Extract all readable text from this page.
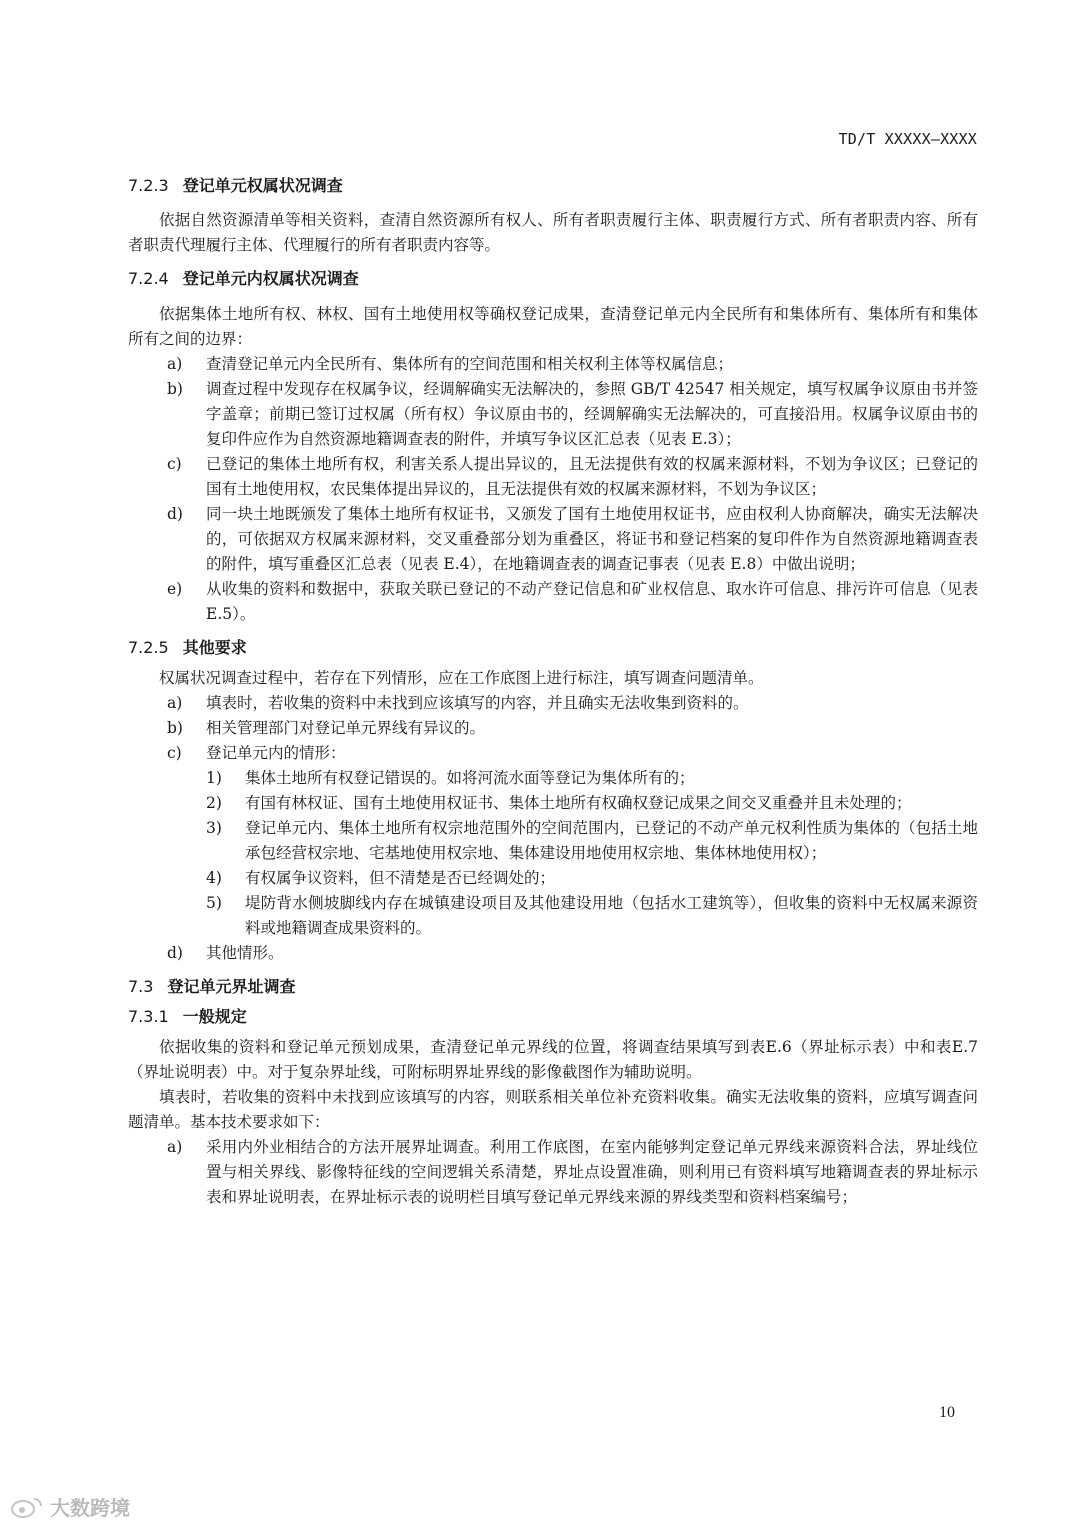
TD/T XXXXX—XXXX
7.2.3 登记单元权属状况调查

依据自然资源清单等相关资料，查清自然资源所有权人、所有者职责履行主体、职责履行方式、所有者职责内容、所有者职责代理履行主体、代理履行的所有者职责内容等。

7.2.4 登记单元内权属状况调查

依据集体土地所有权、林权、国有土地使用权等确权登记成果，查清登记单元内全民所有和集体所有、集体所有和集体所有之间的边界：

a)	查清登记单元内全民所有、集体所有的空间范围和相关权利主体等权属信息；
b)	调查过程中发现存在权属争议，经调解确实无法解决的，参照 GB/T 42547 相关规定，填写权属争议原由书并签字盖章；前期已签订过权属（所有权）争议原由书的，经调解确实无法解决的，可直接沿用。权属争议原由书的复印件应作为自然资源地籍调查表的附件，并填写争议区汇总表（见表 E.3）；
c)	已登记的集体土地所有权，利害关系人提出异议的，且无法提供有效的权属来源材料，不划为争议区；已登记的国有土地使用权，农民集体提出异议的，且无法提供有效的权属来源材料，不划为争议区；
d)	同一块土地既颁发了集体土地所有权证书，又颁发了国有土地使用权证书，应由权利人协商解决，确实无法解决的，可依据双方权属来源材料，交叉重叠部分划为重叠区，将证书和登记档案的复印件作为自然资源地籍调查表的附件，填写重叠区汇总表（见表 E.4），在地籍调查表的调查记事表（见表 E.8）中做出说明；
e)	从收集的资料和数据中，获取关联已登记的不动产登记信息和矿业权信息、取水许可信息、排污许可信息（见表 E.5）。
7.2.5 其他要求

权属状况调查过程中，若存在下列情形，应在工作底图上进行标注，填写调查问题清单。

a)	填表时，若收集的资料中未找到应该填写的内容，并且确实无法收集到资料的。
b)	相关管理部门对登记单元界线有异议的。
c)	登记单元内的情形：
1)	集体土地所有权登记错误的。如将河流水面等登记为集体所有的；
2)	有国有林权证、国有土地使用权证书、集体土地所有权确权登记成果之间交叉重叠并且未处理的；
3)	登记单元内、集体土地所有权宗地范围外的空间范围内，已登记的不动产单元权利性质为集体的（包括土地承包经营权宗地、宅基地使用权宗地、集体建设用地使用权宗地、集体林地使用权）；
4)	有权属争议资料，但不清楚是否已经调处的；
5)	堤防背水侧坡脚线内存在城镇建设项目及其他建设用地（包括水工建筑等），但收集的资料中无权属来源资料或地籍调查成果资料的。
d)	其他情形。
7.3 登记单元界址调查
7.3.1 一般规定

依据收集的资料和登记单元预划成果，查清登记单元界线的位置，将调查结果填写到表E.6（界址标示表）中和表E.7（界址说明表）中。对于复杂界址线，可附标明界址界线的影像截图作为辅助说明。

填表时，若收集的资料中未找到应该填写的内容，则联系相关单位补充资料收集。确实无法收集的资料，应填写调查问题清单。基本技术要求如下：

a)	采用内外业相结合的方法开展界址调查。利用工作底图，在室内能够判定登记单元界线来源资料合法，界址线位置与相关界线、影像特征线的空间逻辑关系清楚，界址点设置准确，则利用已有资料填写地籍调查表的界址标示表和界址说明表，在界址标示表的说明栏目填写登记单元界线来源的界线类型和资料档案编号；
10
大数跨境
